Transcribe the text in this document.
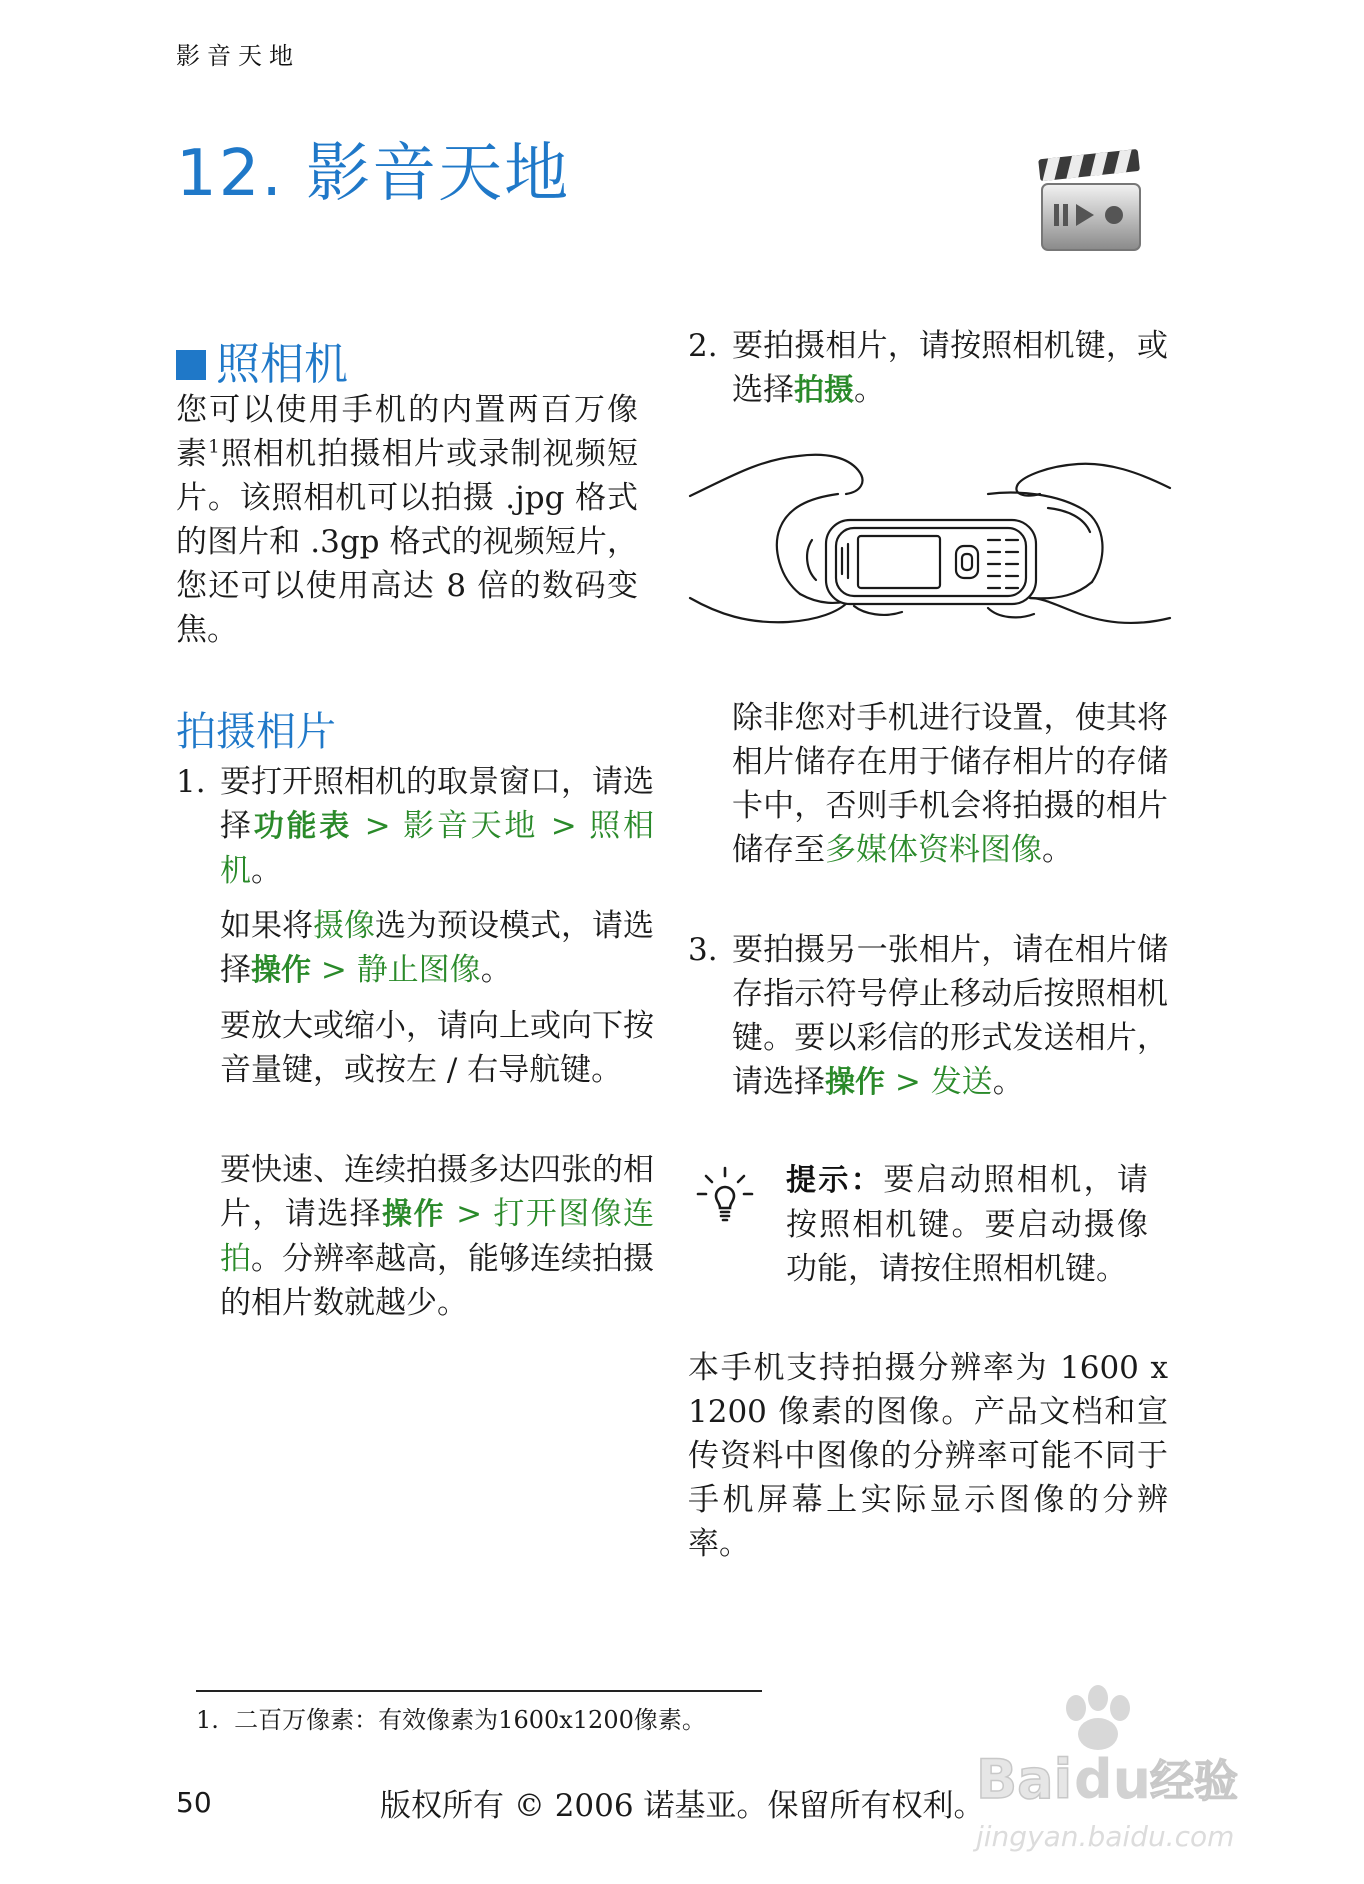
影音天地
12. 影音天地
照相机
您可以使用手机的内置两百万像素$^1$照相机拍摄相片或录制视频短片。该照相机可以拍摄 .jpg 格式的图片和 .3gp 格式的视频短片，您还可以使用高达 8 倍的数码变焦。
拍摄相片
1. 要打开照相机的取景窗口，请选择功能表 > 影音天地 > 照相机。
如果将摄像选为预设模式，请选择操作 > 静止图像。
要放大或缩小，请向上或向下按音量键，或按左 / 右导航键。
要快速、连续拍摄多达四张的相片，请选择操作 > 打开图像连拍。分辨率越高，能够连续拍摄的相片数就越少。
2. 要拍摄相片，请按照相机键，或选择拍摄。
除非您对手机进行设置，使其将相片储存在用于储存相片的存储卡中，否则手机会将拍摄的相片储存至多媒体资料图像。
3. 要拍摄另一张相片，请在相片储存指示符号停止移动后按照相机键。要以彩信的形式发送相片，请选择操作 > 发送。
提示：要启动照相机，请按照相机键。要启动摄像功能，请按住照相机键。
本手机支持拍摄分辨率为 1600 x 1200 像素的图像。产品文档和宣传资料中图像的分辨率可能不同于手机屏幕上实际显示图像的分辨率。
1. 二百万像素：有效像素为1600x1200像素。
50	版权所有 © 2006 诺基亚。保留所有权利。
Bai du
经验
jingyan.baidu.com
